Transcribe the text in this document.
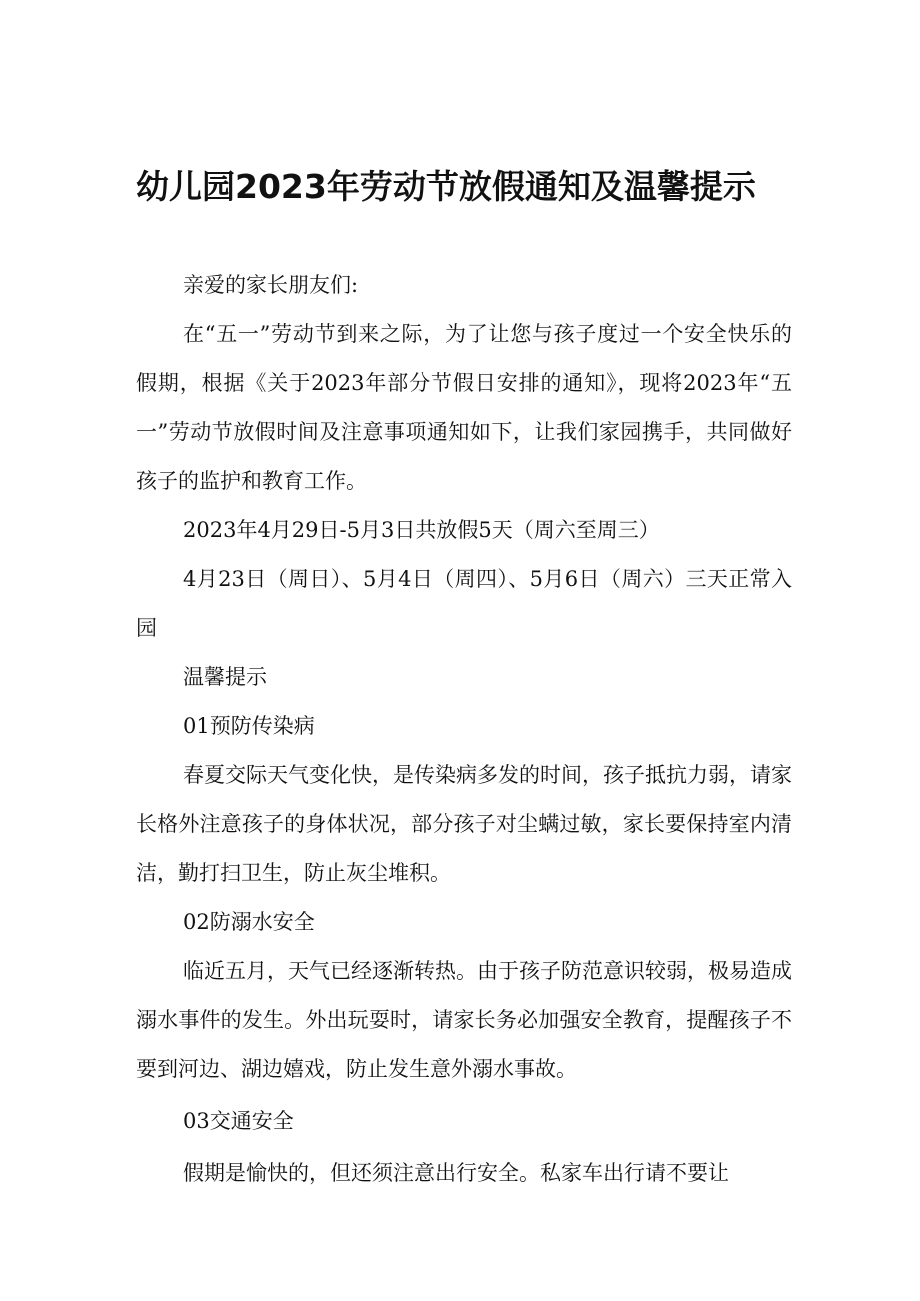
幼儿园2023年劳动节放假通知及温馨提示

亲爱的家长朋友们:

在“五一”劳动节到来之际，为了让您与孩子度过一个安全快乐的假期，根据《关于2023年部分节假日安排的通知》，现将2023年“五一”劳动节放假时间及注意事项通知如下，让我们家园携手，共同做好孩子的监护和教育工作。

2023年4月29日-5月3日共放假5天（周六至周三）

4月23日（周日）、5月4日（周四）、5月6日（周六）三天正常入园

温馨提示

01预防传染病

春夏交际天气变化快，是传染病多发的时间，孩子抵抗力弱，请家长格外注意孩子的身体状况，部分孩子对尘螨过敏，家长要保持室内清洁，勤打扫卫生，防止灰尘堆积。

02防溺水安全

临近五月，天气已经逐渐转热。由于孩子防范意识较弱，极易造成溺水事件的发生。外出玩耍时，请家长务必加强安全教育，提醒孩子不要到河边、湖边嬉戏，防止发生意外溺水事故。

03交通安全

假期是愉快的，但还须注意出行安全。私家车出行请不要让
